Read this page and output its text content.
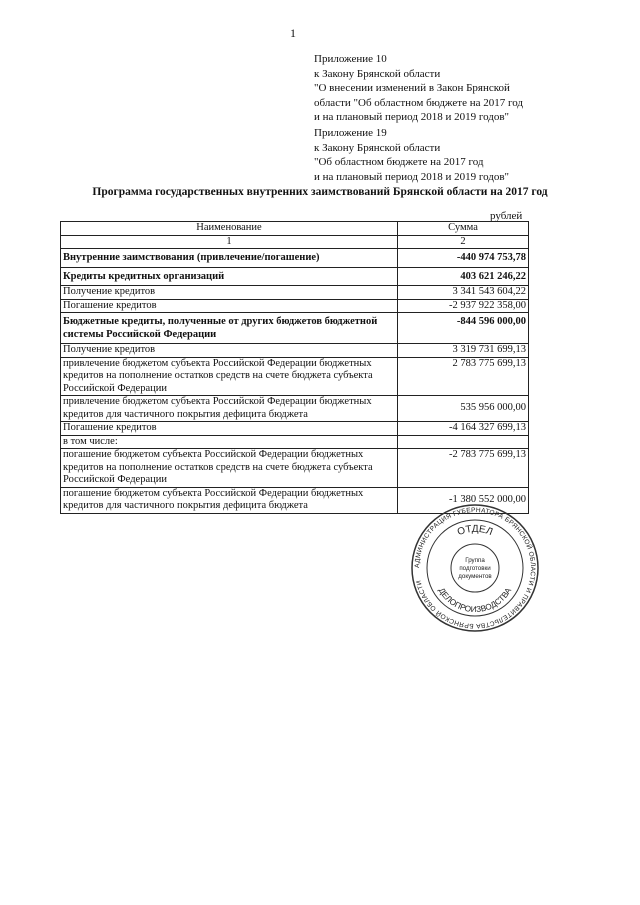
1
Приложение 10
к Закону Брянской области
"О внесении изменений в Закон Брянской
области "Об областном бюджете на 2017 год
и на плановый период 2018 и 2019 годов"
Приложение 19
к Закону Брянской области
"Об областном бюджете на 2017 год
и на плановый период 2018 и 2019 годов"
Программа государственных внутренних заимствований Брянской области на 2017 год
рублей
Наименование	Сумма
1	2
Внутренние заимствования (привлечение/погашение)	-440 974 753,78
Кредиты кредитных организаций	403 621 246,22
Получение кредитов	3 341 543 604,22
Погашение кредитов	-2 937 922 358,00
Бюджетные кредиты, полученные от других бюджетов бюджетной системы Российской Федерации	-844 596 000,00
Получение кредитов	3 319 731 699,13
привлечение бюджетом субъекта Российской Федерации бюджетных кредитов на пополнение остатков средств на счете бюджета субъекта Российской Федерации	2 783 775 699,13
привлечение бюджетом субъекта Российской Федерации бюджетных кредитов для частичного покрытия дефицита бюджета	535 956 000,00
Погашение кредитов	-4 164 327 699,13
в том числе:	
погашение бюджетом субъекта Российской Федерации бюджетных кредитов на пополнение остатков средств на счете бюджета субъекта Российской Федерации	-2 783 775 699,13
погашение бюджетом субъекта Российской Федерации бюджетных кредитов для частичного покрытия дефицита бюджета	-1 380 552 000,00
АДМИНИСТРАЦИЯ ГУБЕРНАТОРА БРЯНСКОЙ ОБЛАСТИ И ПРАВИТЕЛЬСТВА БРЯНСКОЙ ОБЛАСТИ
ОТДЕЛ
ДЕЛОПРОИЗВОДСТВА
Группа
подготовки
документов
